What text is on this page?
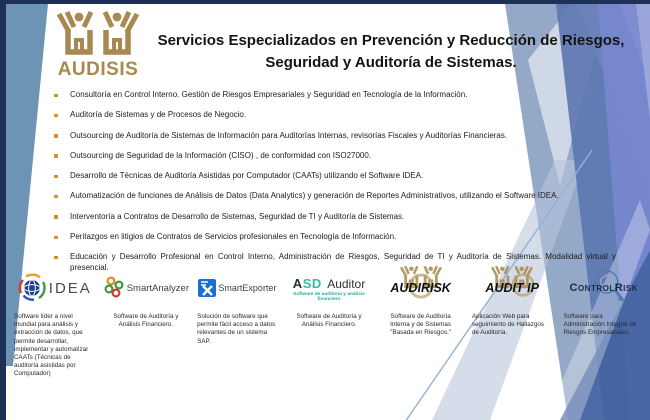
AUDISIS
Servicios Especializados en Prevención y Reducción de Riesgos,
Seguridad y Auditoría de Sistemas.
Consultoría en Control Interno. Gestión de Riesgos Empresariales y Seguridad en Tecnología de la Información.
Auditoría de Sistemas y de Procesos de Negocio.
Outsourcing de Auditoría de Sistemas de Información para Auditorías Internas, revisorías Fiscales y Auditorías Financieras.
Outsourcing de Seguridad de la Información (CISO) , de conformidad con ISO27000.
Desarrollo de Técnicas de Auditoría Asistidas por Computador (CAATs) utilizando el Software IDEA.
Automatización de funciones de Análisis de Datos (Data Analytics) y generación de Reportes Administrativos, utilizando el Software IDEA.
Interventoría a Contratos de Desarrollo de Sistemas, Seguridad de TI y Auditoría de Sistemas.
Peritazgos en litigios de Contratos de Servicios profesionales en Tecnología de Información.
Educación y Desarrollo Profesional en Control Interno, Administración de Riesgos, Seguridad de TI y Auditoría de Sistemas. Modalidad virtual y presencial.
IDEA
Software líder a nivel mundial para análisis y extracción de datos, que permite desarrollar, implementar y automatizar CAATs (Técnicas de auditoría asistidas por Computador)
SmartAnalyzer
Software de Auditoría y Análisis Financiero.
SmartExporter
Solución de software que permite fácil acceso a datos relevantes de un sistema SAP.
ASD Auditor
Software de auditoría y análisis financiero
Software de Auditoría y Análisis Financiero.
AUDIRISK
Software de Auditoría Interna y de Sistemas "Basada en Riesgos."
AUDIT IP
Aplicación Web para seguimiento de Hallazgos de Auditoría.
ControlRisk
Software para Administración Integral de Riesgos Empresariales.
